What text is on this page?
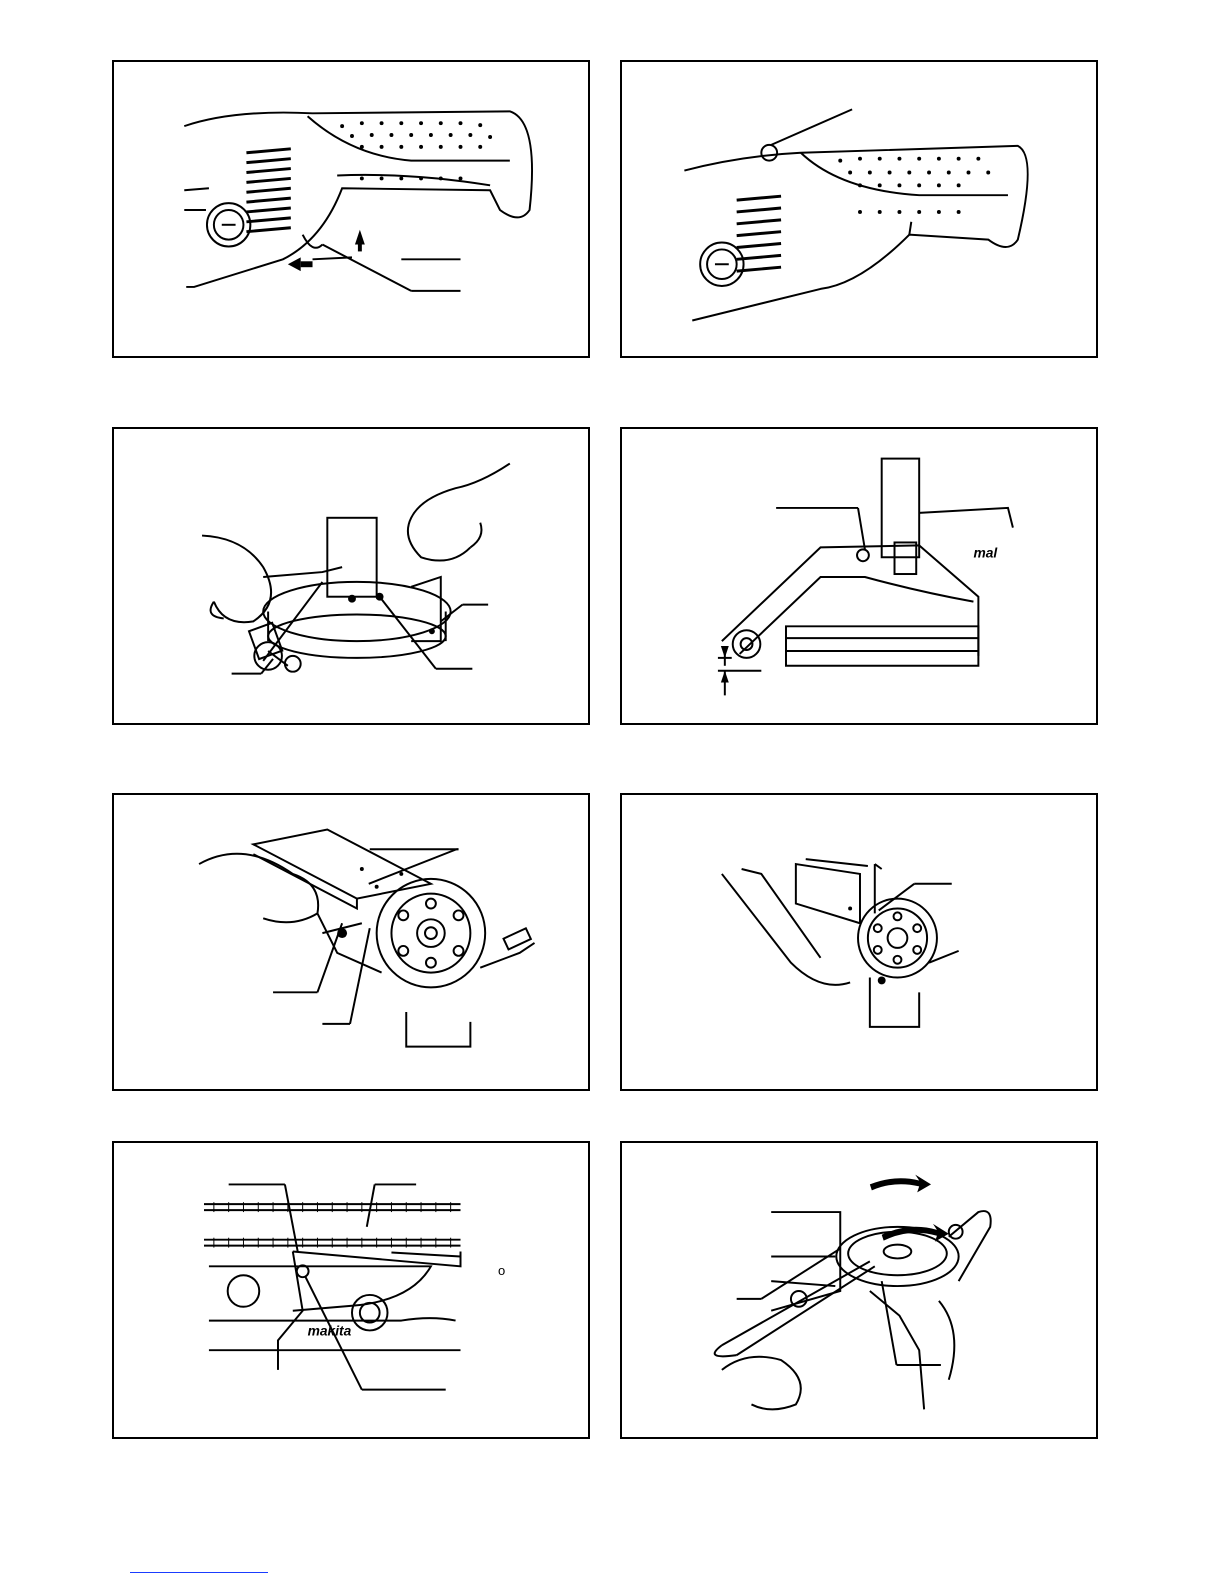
mal
makita
o
